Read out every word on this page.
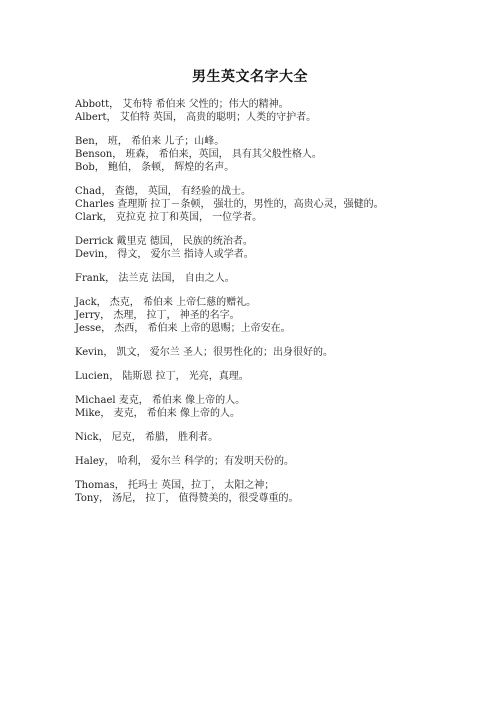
男生英文名字大全
Abbott， 艾布特 希伯来 父性的；伟大的精神。
Albert， 艾伯特 英国， 高贵的聪明；人类的守护者。
Ben， 班， 希伯来 儿子；山峰。
Benson， 班森， 希伯来，英国， 具有其父般性格人。
Bob， 鲍伯， 条顿， 辉煌的名声。
Chad， 查德， 英国， 有经验的战士。
Charles 查理斯 拉丁－条顿， 强壮的，男性的，高贵心灵，强健的。
Clark， 克拉克 拉丁和英国， 一位学者。
Derrick 戴里克 德国， 民族的统治者。
Devin， 得文， 爱尔兰 指诗人或学者。
Frank， 法兰克 法国， 自由之人。
Jack， 杰克， 希伯来 上帝仁慈的赠礼。
Jerry， 杰理， 拉丁， 神圣的名字。
Jesse， 杰西， 希伯来 上帝的恩赐；上帝安在。
Kevin， 凯文， 爱尔兰 圣人；很男性化的；出身很好的。
Lucien， 陆斯恩 拉丁， 光亮，真理。
Michael 麦克， 希伯来 像上帝的人。
Mike， 麦克， 希伯来 像上帝的人。
Nick， 尼克， 希腊， 胜利者。
Haley， 哈利， 爱尔兰 科学的；有发明天份的。
Thomas， 托玛士 英国，拉丁， 太阳之神；
Tony， 汤尼， 拉丁， 值得赞美的，很受尊重的。
